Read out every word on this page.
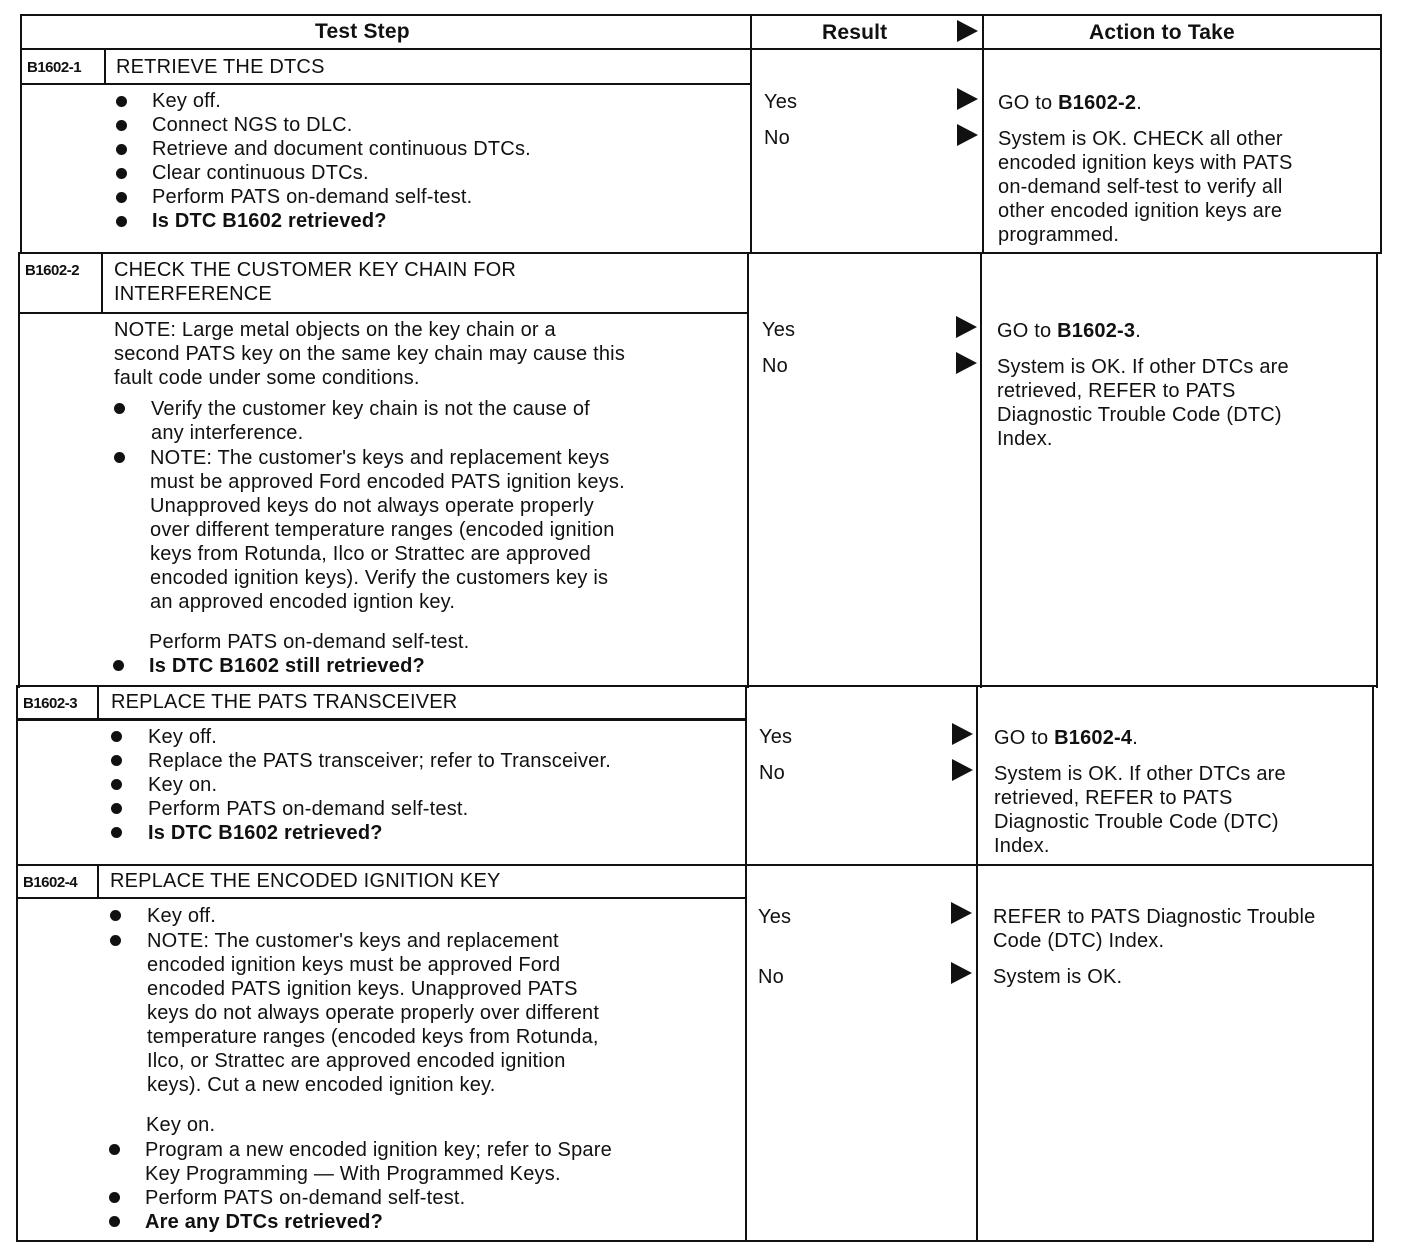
Test Step	Result	Action to Take
B1602-1 RETRIEVE THE DTCS
Key off.
Connect NGS to DLC.
Retrieve and document continuous DTCs.
Clear continuous DTCs.
Perform PATS on-demand self-test.
Is DTC B1602 retrieved?
Yes
No
GO to B1602-2.
System is OK. CHECK all other
encoded ignition keys with PATS
on-demand self-test to verify all
other encoded ignition keys are
programmed.
B1602-2 CHECK THE CUSTOMER KEY CHAIN FOR
INTERFERENCE
NOTE: Large metal objects on the key chain or a
second PATS key on the same key chain may cause this
fault code under some conditions.
Verify the customer key chain is not the cause of
any interference.
NOTE: The customer's keys and replacement keys
must be approved Ford encoded PATS ignition keys.
Unapproved keys do not always operate properly
over different temperature ranges (encoded ignition
keys from Rotunda, Ilco or Strattec are approved
encoded ignition keys). Verify the customers key is
an approved encoded igntion key.
Perform PATS on-demand self-test.
Is DTC B1602 still retrieved?
Yes
No
GO to B1602-3.
System is OK. If other DTCs are
retrieved, REFER to PATS
Diagnostic Trouble Code (DTC)
Index.
B1602-3 REPLACE THE PATS TRANSCEIVER
Key off.
Replace the PATS transceiver; refer to Transceiver.
Key on.
Perform PATS on-demand self-test.
Is DTC B1602 retrieved?
Yes
No
GO to B1602-4.
System is OK. If other DTCs are
retrieved, REFER to PATS
Diagnostic Trouble Code (DTC)
Index.
B1602-4 REPLACE THE ENCODED IGNITION KEY
Key off.
NOTE: The customer's keys and replacement
encoded ignition keys must be approved Ford
encoded PATS ignition keys. Unapproved PATS
keys do not always operate properly over different
temperature ranges (encoded keys from Rotunda,
Ilco, or Strattec are approved encoded ignition
keys). Cut a new encoded ignition key.
Key on.
Program a new encoded ignition key; refer to Spare
Key Programming — With Programmed Keys.
Perform PATS on-demand self-test.
Are any DTCs retrieved?
Yes
No
REFER to PATS Diagnostic Trouble
Code (DTC) Index.
System is OK.
